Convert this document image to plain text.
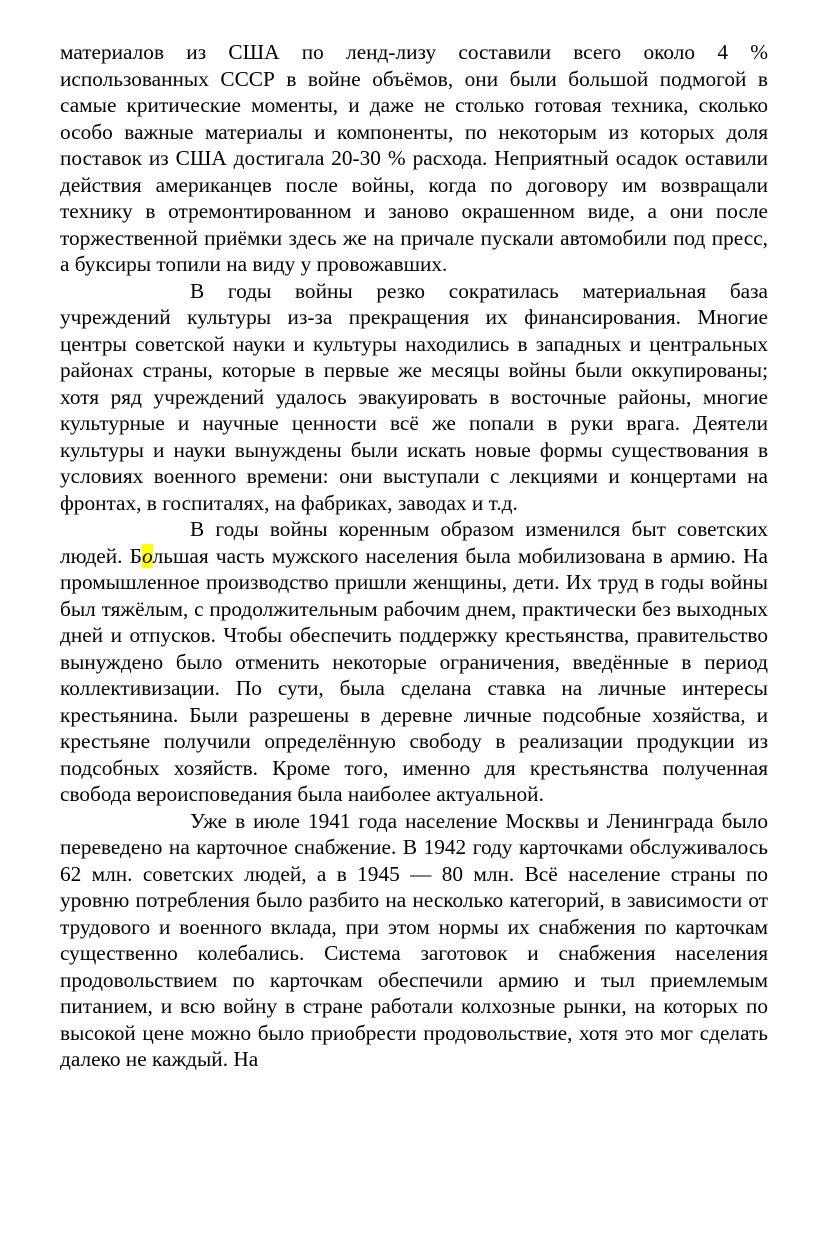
материалов из США по ленд-лизу составили всего около 4 % использованных СССР в войне объёмов, они были большой подмогой в самые критические моменты, и даже не столько готовая техника, сколько особо важные материалы и компоненты, по некоторым из которых доля поставок из США достигала 20-30 % расхода. Неприятный осадок оставили действия американцев после войны, когда по договору им возвращали технику в отремонтированном и заново окрашенном виде, а они после торжественной приёмки здесь же на причале пускали автомобили под пресс, а буксиры топили на виду у провожавших.

В годы войны резко сократилась материальная база учреждений культуры из-за прекращения их финансирования. Многие центры советской науки и культуры находились в западных и центральных районах страны, которые в первые же месяцы войны были оккупированы; хотя ряд учреждений удалось эвакуировать в восточные районы, многие культурные и научные ценности всё же попали в руки врага. Деятели культуры и науки вынуждены были искать новые формы существования в условиях военного времени: они выступали с лекциями и концертами на фронтах, в госпиталях, на фабриках, заводах и т.д.

В годы войны коренным образом изменился быт советских людей. Большая часть мужского населения была мобилизована в армию. На промышленное производство пришли женщины, дети. Их труд в годы войны был тяжёлым, с продолжительным рабочим днем, практически без выходных дней и отпусков. Чтобы обеспечить поддержку крестьянства, правительство вынуждено было отменить некоторые ограничения, введённые в период коллективизации. По сути, была сделана ставка на личные интересы крестьянина. Были разрешены в деревне личные подсобные хозяйства, и крестьяне получили определённую свободу в реализации продукции из подсобных хозяйств. Кроме того, именно для крестьянства полученная свобода вероисповедания была наиболее актуальной.

Уже в июле 1941 года население Москвы и Ленинграда было переведено на карточное снабжение. В 1942 году карточками обслуживалось 62 млн. советских людей, а в 1945 — 80 млн. Всё население страны по уровню потребления было разбито на несколько категорий, в зависимости от трудового и военного вклада, при этом нормы их снабжения по карточкам существенно колебались. Система заготовок и снабжения населения продовольствием по карточкам обеспечили армию и тыл приемлемым питанием, и всю войну в стране работали колхозные рынки, на которых по высокой цене можно было приобрести продовольствие, хотя это мог сделать далеко не каждый. На
